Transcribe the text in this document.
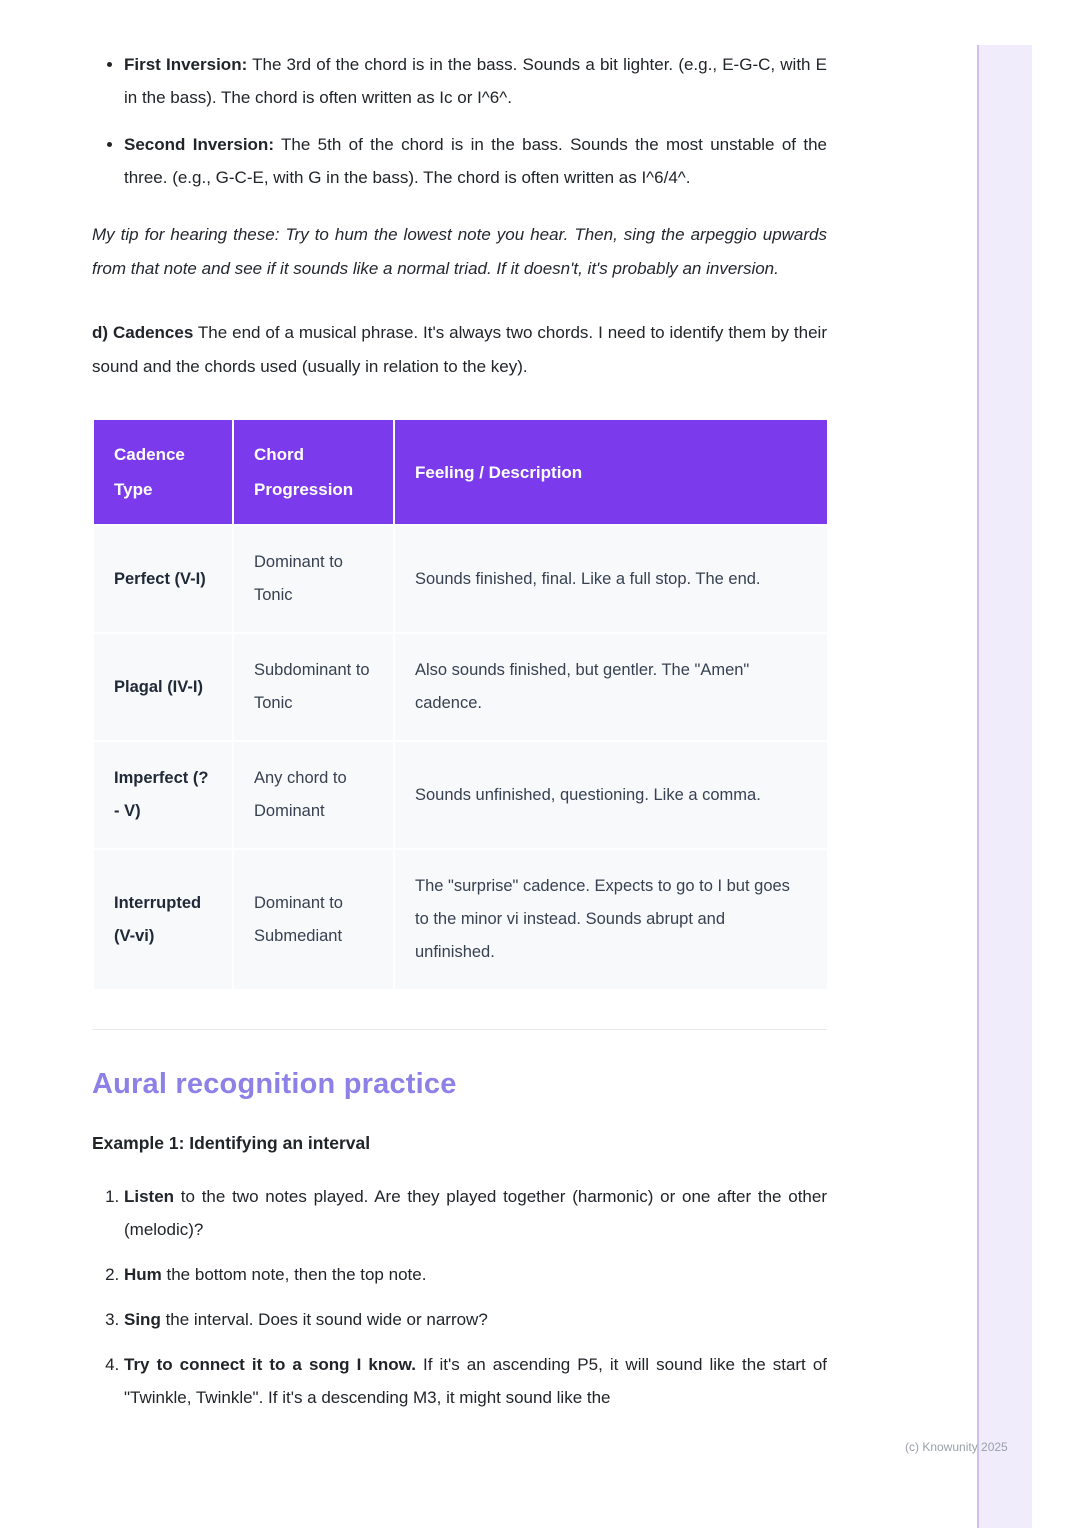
• First Inversion: The 3rd of the chord is in the bass. Sounds a bit lighter. (e.g., E-G-C, with E in the bass). The chord is often written as Ic or I^6^.
• Second Inversion: The 5th of the chord is in the bass. Sounds the most unstable of the three. (e.g., G-C-E, with G in the bass). The chord is often written as I^6/4^.

My tip for hearing these: Try to hum the lowest note you hear. Then, sing the arpeggio upwards from that note and see if it sounds like a normal triad. If it doesn't, it's probably an inversion.

d) Cadences The end of a musical phrase. It's always two chords. I need to identify them by their sound and the chords used (usually in relation to the key).

Cadence Type	Chord Progression	Feeling / Description
Perfect (V-I)	Dominant to Tonic	Sounds finished, final. Like a full stop. The end.
Plagal (IV-I)	Subdominant to Tonic	Also sounds finished, but gentler. The "Amen" cadence.
Imperfect (? - V)	Any chord to Dominant	Sounds unfinished, questioning. Like a comma.
Interrupted (V-vi)	Dominant to Submediant	The "surprise" cadence. Expects to go to I but goes to the minor vi instead. Sounds abrupt and unfinished.
Aural recognition practice
Example 1: Identifying an interval
1. Listen to the two notes played. Are they played together (harmonic) or one after the other (melodic)?
2. Hum the bottom note, then the top note.
3. Sing the interval. Does it sound wide or narrow?
4. Try to connect it to a song I know. If it's an ascending P5, it will sound like the start of "Twinkle, Twinkle". If it's a descending M3, it might sound like the
(c) Knowunity 2025
